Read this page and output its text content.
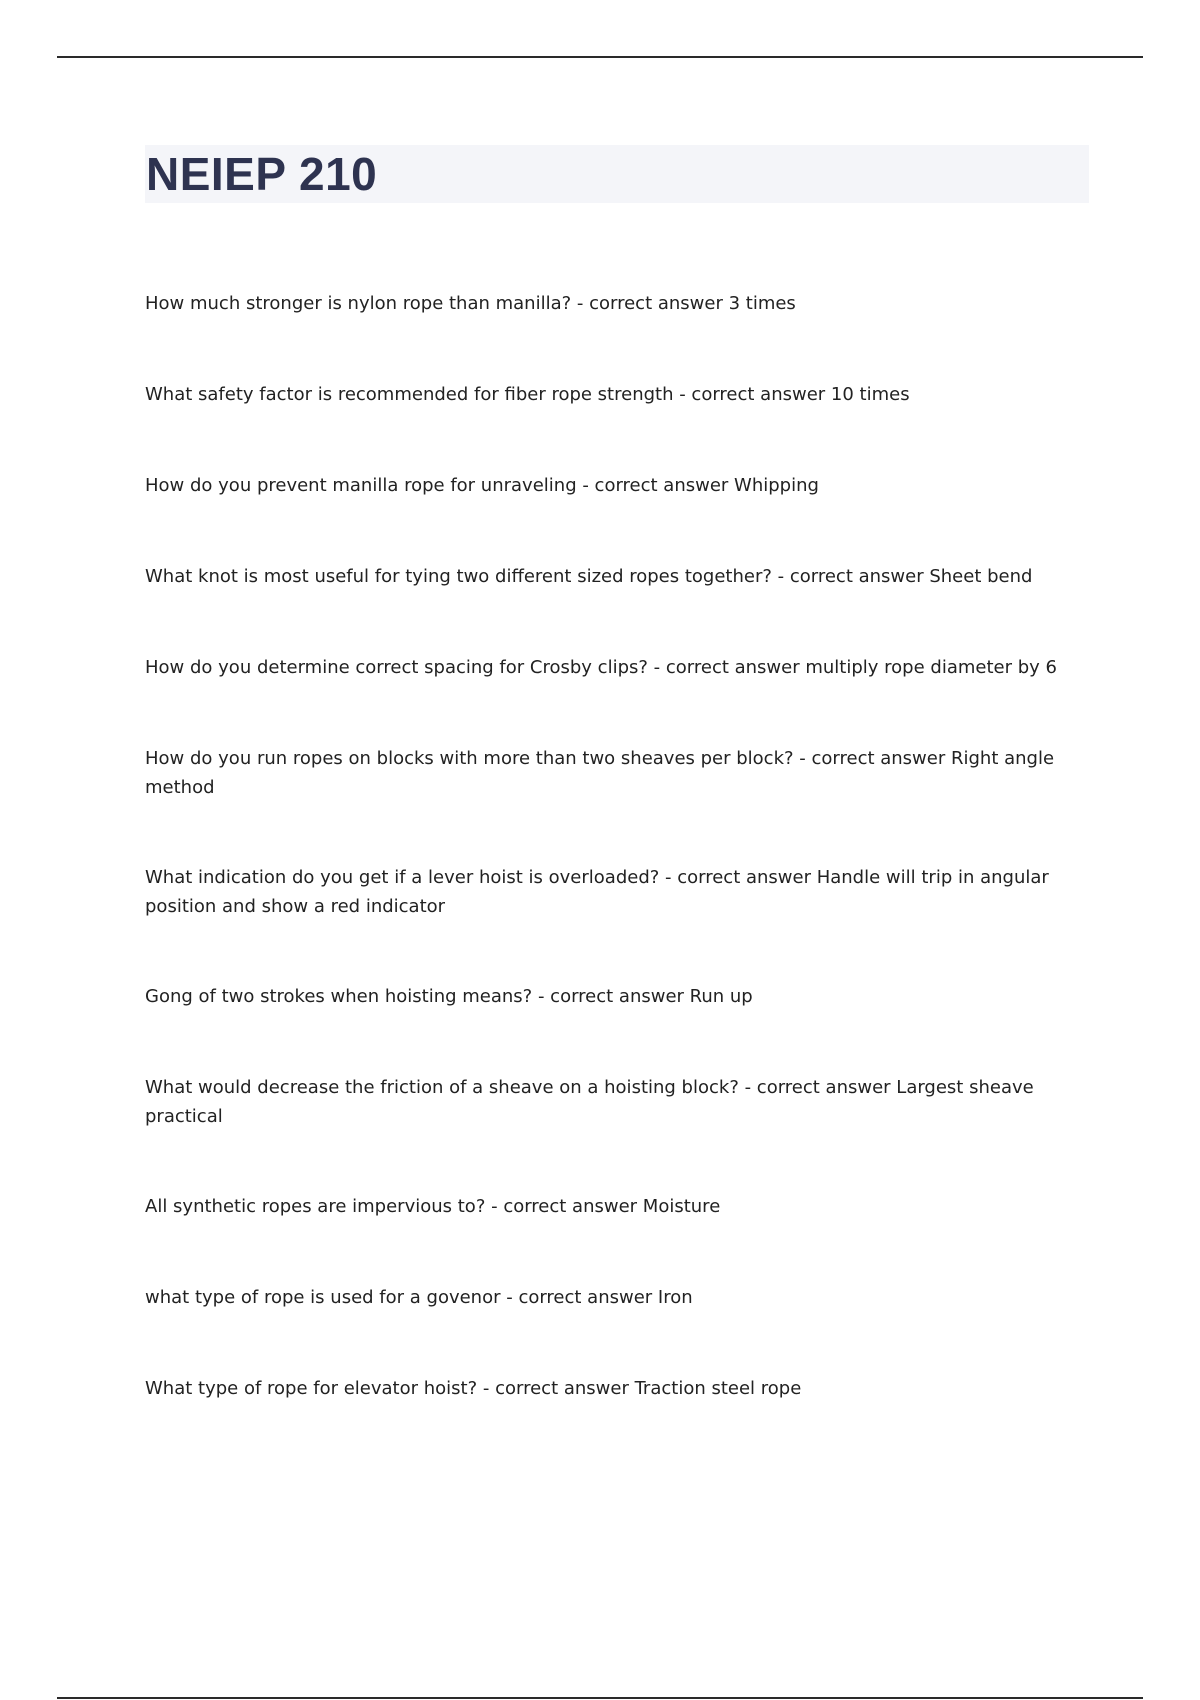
NEIEP 210
How much stronger is nylon rope than manilla? - correct answer 3 times
What safety factor is recommended for fiber rope strength - correct answer 10 times
How do you prevent manilla rope for unraveling - correct answer Whipping
What knot is most useful for tying two different sized ropes together? - correct answer Sheet bend
How do you determine correct spacing for Crosby clips? - correct answer multiply rope diameter by 6
How do you run ropes on blocks with more than two sheaves per block? - correct answer Right angle method
What indication do you get if a lever hoist is overloaded? - correct answer Handle will trip in angular position and show a red indicator
Gong of two strokes when hoisting means? - correct answer Run up
What would decrease the friction of a sheave on a hoisting block? - correct answer Largest sheave practical
All synthetic ropes are impervious to? - correct answer Moisture
what type of rope is used for a govenor - correct answer Iron
What type of rope for elevator hoist? - correct answer Traction steel rope
